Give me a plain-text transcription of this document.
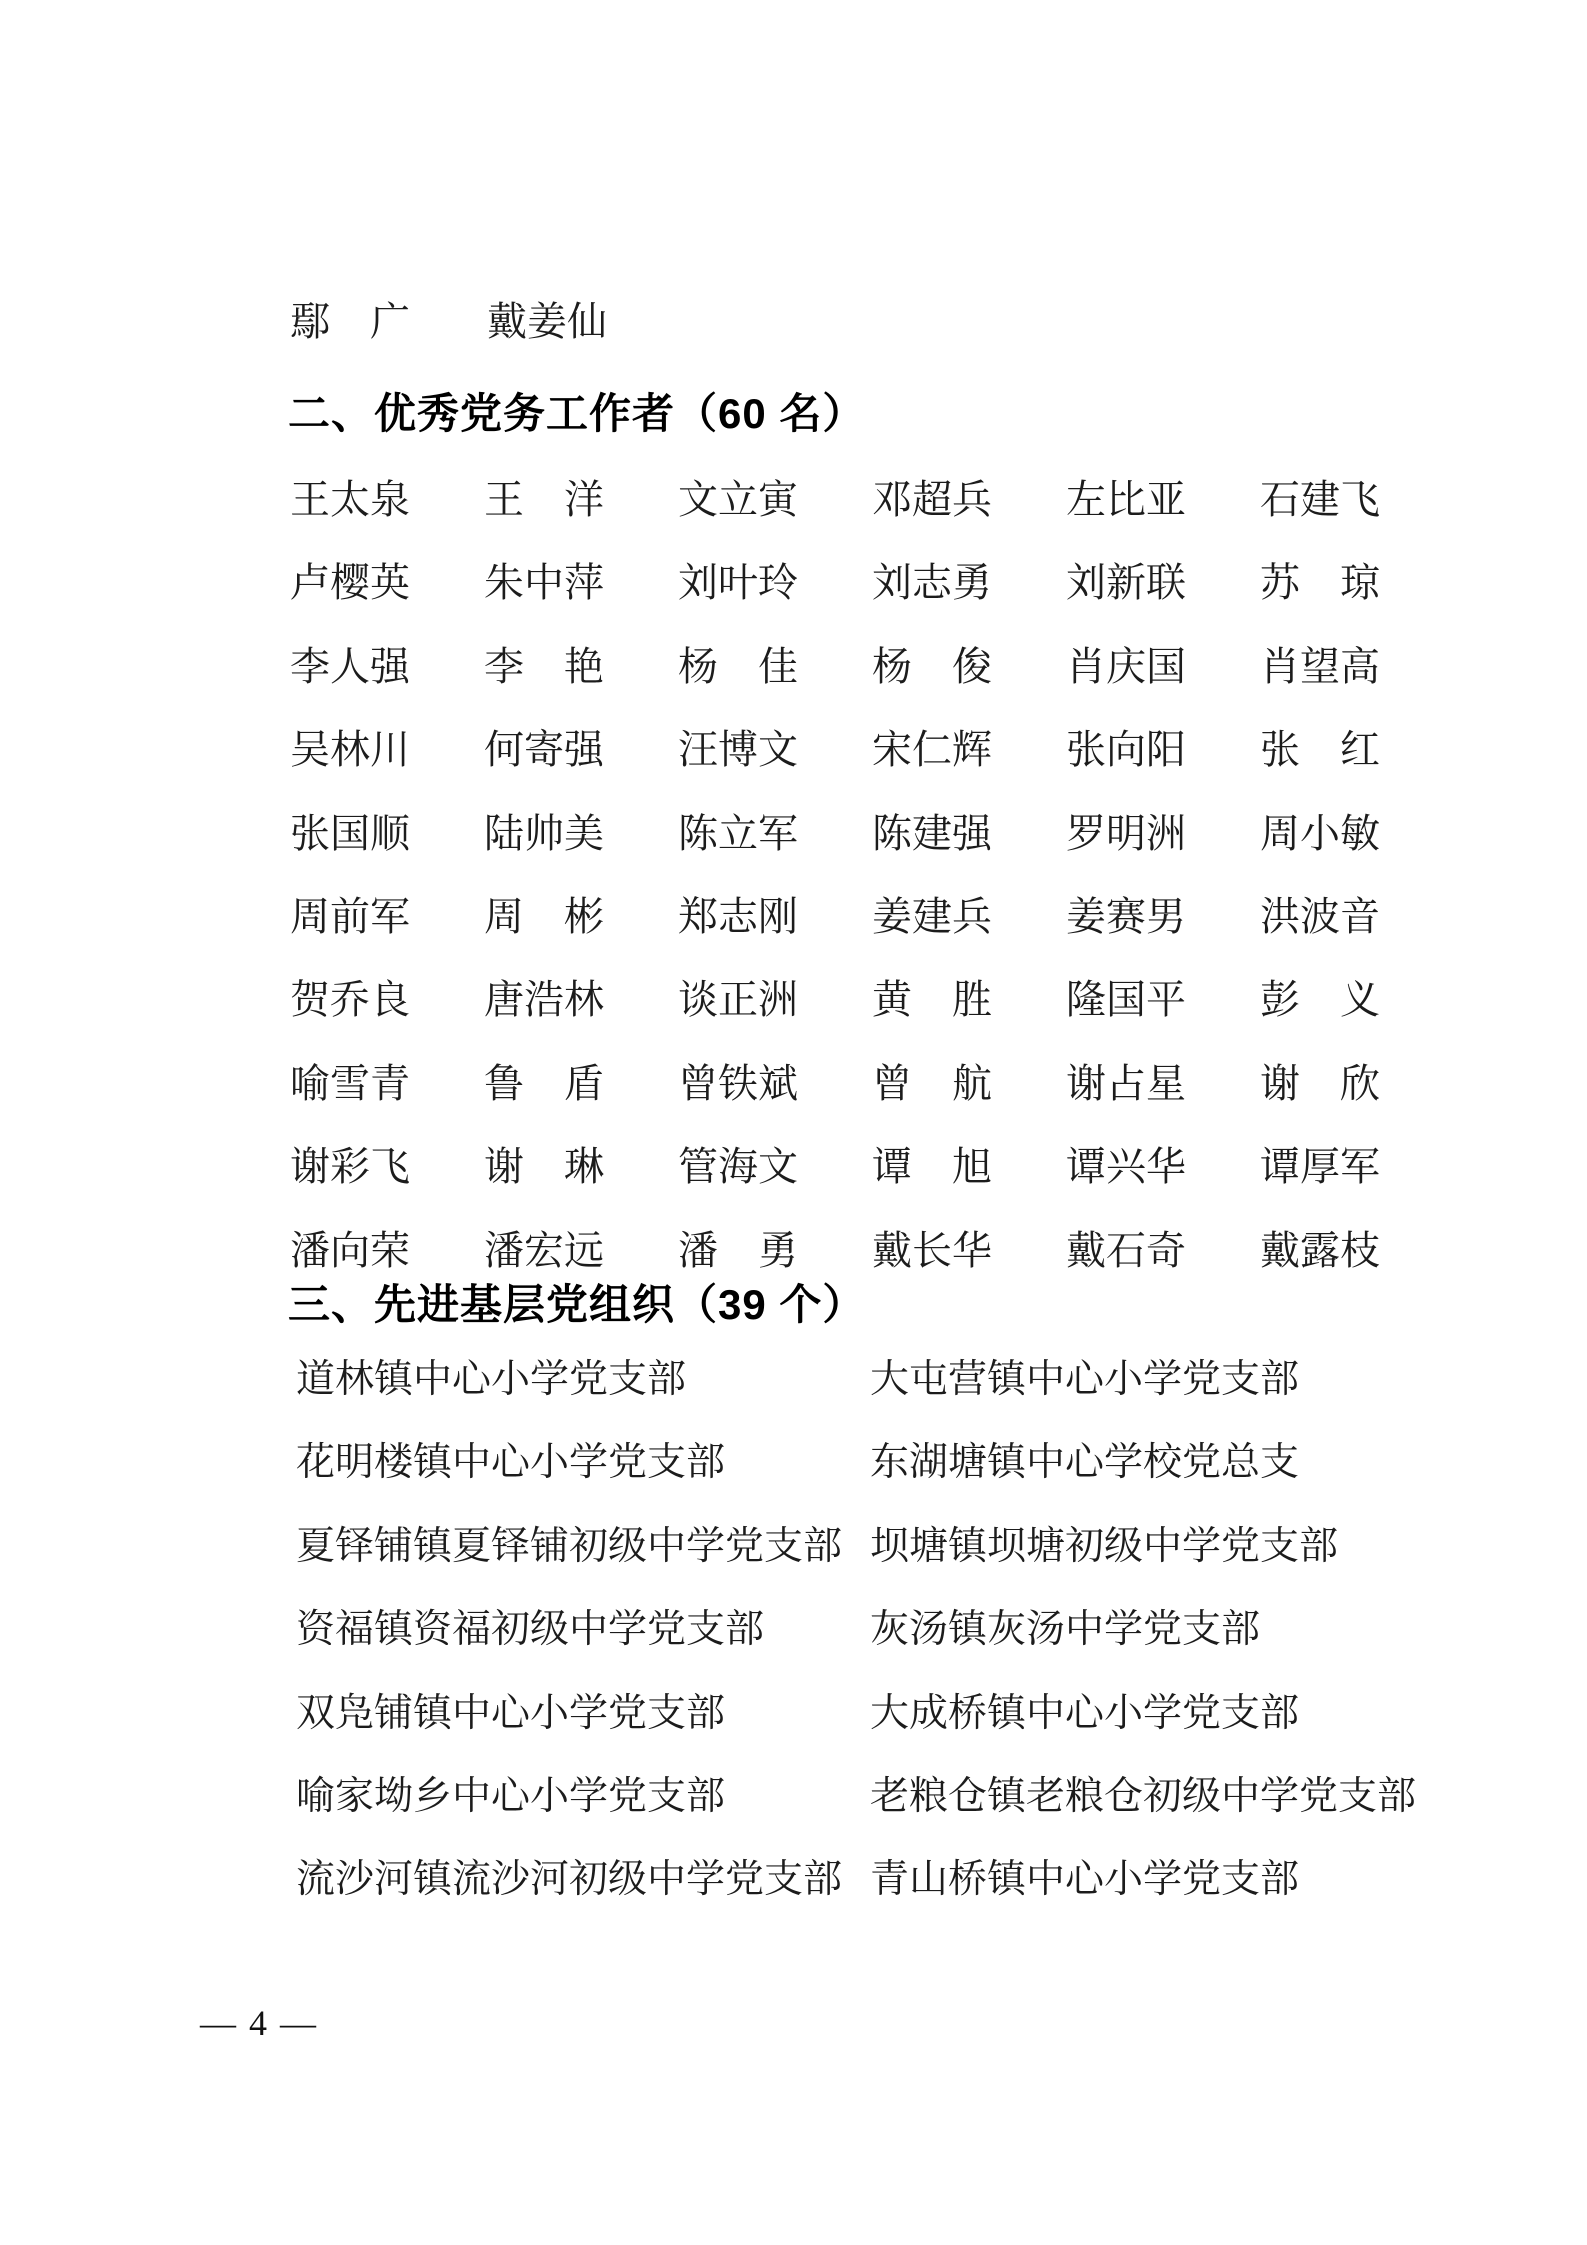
鄢　广 戴姜仙
二、优秀党务工作者（60 名）
王太泉 王　洋 文立寅 邓超兵 左比亚 石建飞
卢樱英 朱中萍 刘叶玲 刘志勇 刘新联 苏　琼
李人强 李　艳 杨　佳 杨　俊 肖庆国 肖望高
吴林川 何寄强 汪博文 宋仁辉 张向阳 张　红
张国顺 陆帅美 陈立军 陈建强 罗明洲 周小敏
周前军 周　彬 郑志刚 姜建兵 姜赛男 洪波音
贺乔良 唐浩林 谈正洲 黄　胜 隆国平 彭　义
喻雪青 鲁　盾 曾铁斌 曾　航 谢占星 谢　欣
谢彩飞 谢　琳 管海文 谭　旭 谭兴华 谭厚军
潘向荣 潘宏远 潘　勇 戴长华 戴石奇 戴露枝
三、先进基层党组织（39 个）
道林镇中心小学党支部	大屯营镇中心小学党支部
花明楼镇中心小学党支部	东湖塘镇中心学校党总支
夏铎铺镇夏铎铺初级中学党支部 坝塘镇坝塘初级中学党支部
资福镇资福初级中学党支部	灰汤镇灰汤中学党支部
双凫铺镇中心小学党支部	大成桥镇中心小学党支部
喻家坳乡中心小学党支部	老粮仓镇老粮仓初级中学党支部
流沙河镇流沙河初级中学党支部 青山桥镇中心小学党支部
— 4 —
